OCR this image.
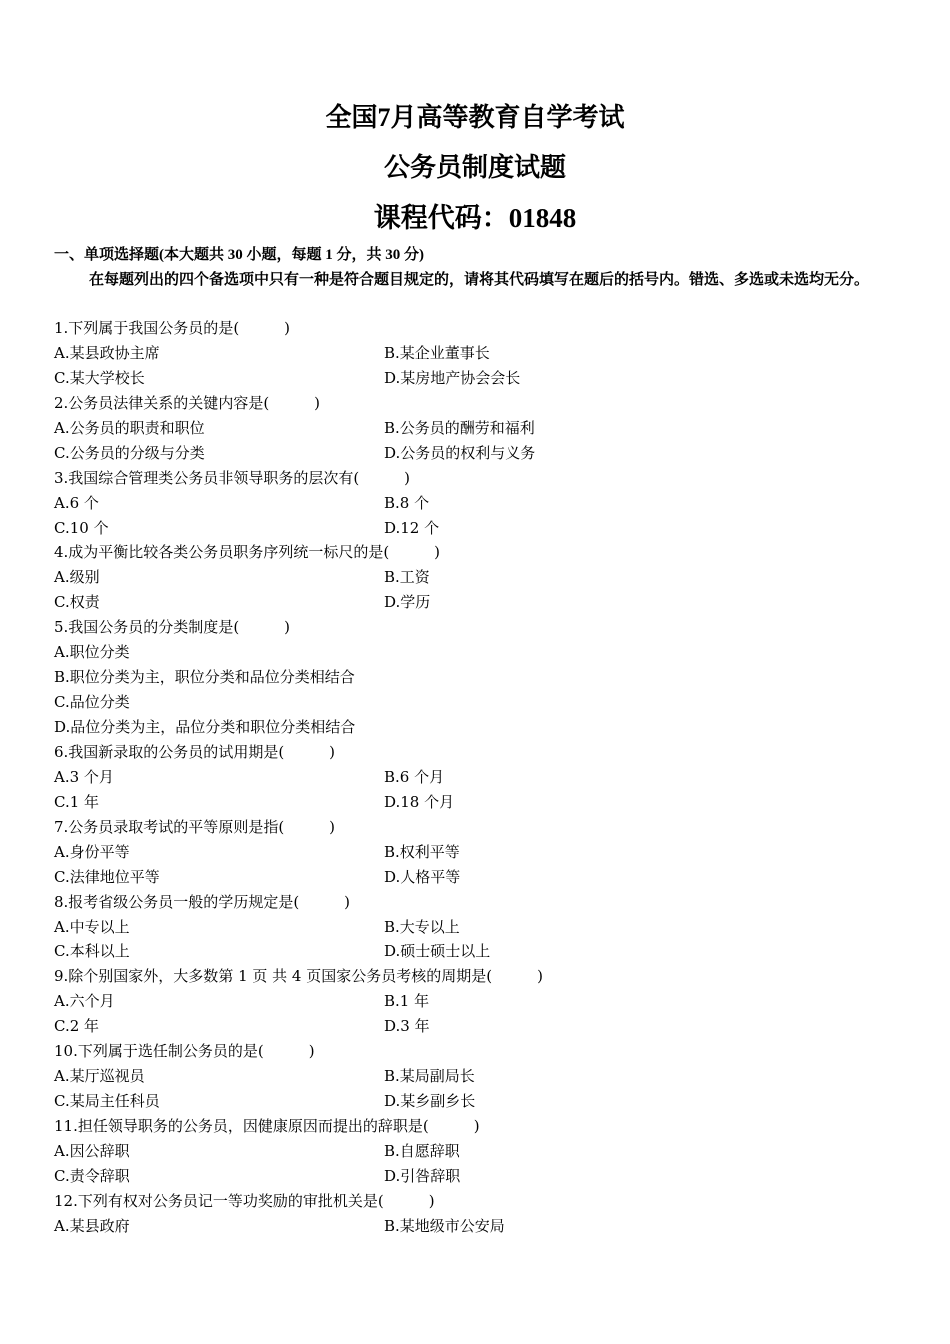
全国7月高等教育自学考试
公务员制度试题
课程代码：01848
一、单项选择题(本大题共 30 小题，每题 1 分，共 30 分)
在每题列出的四个备选项中只有一种是符合题目规定的，请将其代码填写在题后的括号内。错选、多选或未选均无分。
1.下列属于我国公务员的是(　　　)
A.某县政协主席	B.某企业董事长
C.某大学校长	D.某房地产协会会长
2.公务员法律关系的关键内容是(　　　)
A.公务员的职责和职位	B.公务员的酬劳和福利
C.公务员的分级与分类	D.公务员的权利与义务
3.我国综合管理类公务员非领导职务的层次有(　　　)
A.6 个	B.8 个
C.10 个	D.12 个
4.成为平衡比较各类公务员职务序列统一标尺的是(　　　)
A.级别	B.工资
C.权责	D.学历
5.我国公务员的分类制度是(　　　)
A.职位分类
B.职位分类为主，职位分类和品位分类相结合
C.品位分类
D.品位分类为主，品位分类和职位分类相结合
6.我国新录取的公务员的试用期是(　　　)
A.3 个月	B.6 个月
C.1 年	D.18 个月
7.公务员录取考试的平等原则是指(　　　)
A.身份平等	B.权利平等
C.法律地位平等	D.人格平等
8.报考省级公务员一般的学历规定是(　　　)
A.中专以上	B.大专以上
C.本科以上	D.硕士硕士以上
9.除个别国家外，大多数第 1 页 共 4 页国家公务员考核的周期是(　　　)
A.六个月	B.1 年
C.2 年	D.3 年
10.下列属于选任制公务员的是(　　　)
A.某厅巡视员	B.某局副局长
C.某局主任科员	D.某乡副乡长
11.担任领导职务的公务员，因健康原因而提出的辞职是(　　　)
A.因公辞职	B.自愿辞职
C.责令辞职	D.引咎辞职
12.下列有权对公务员记一等功奖励的审批机关是(　　　)
A.某县政府	B.某地级市公安局
